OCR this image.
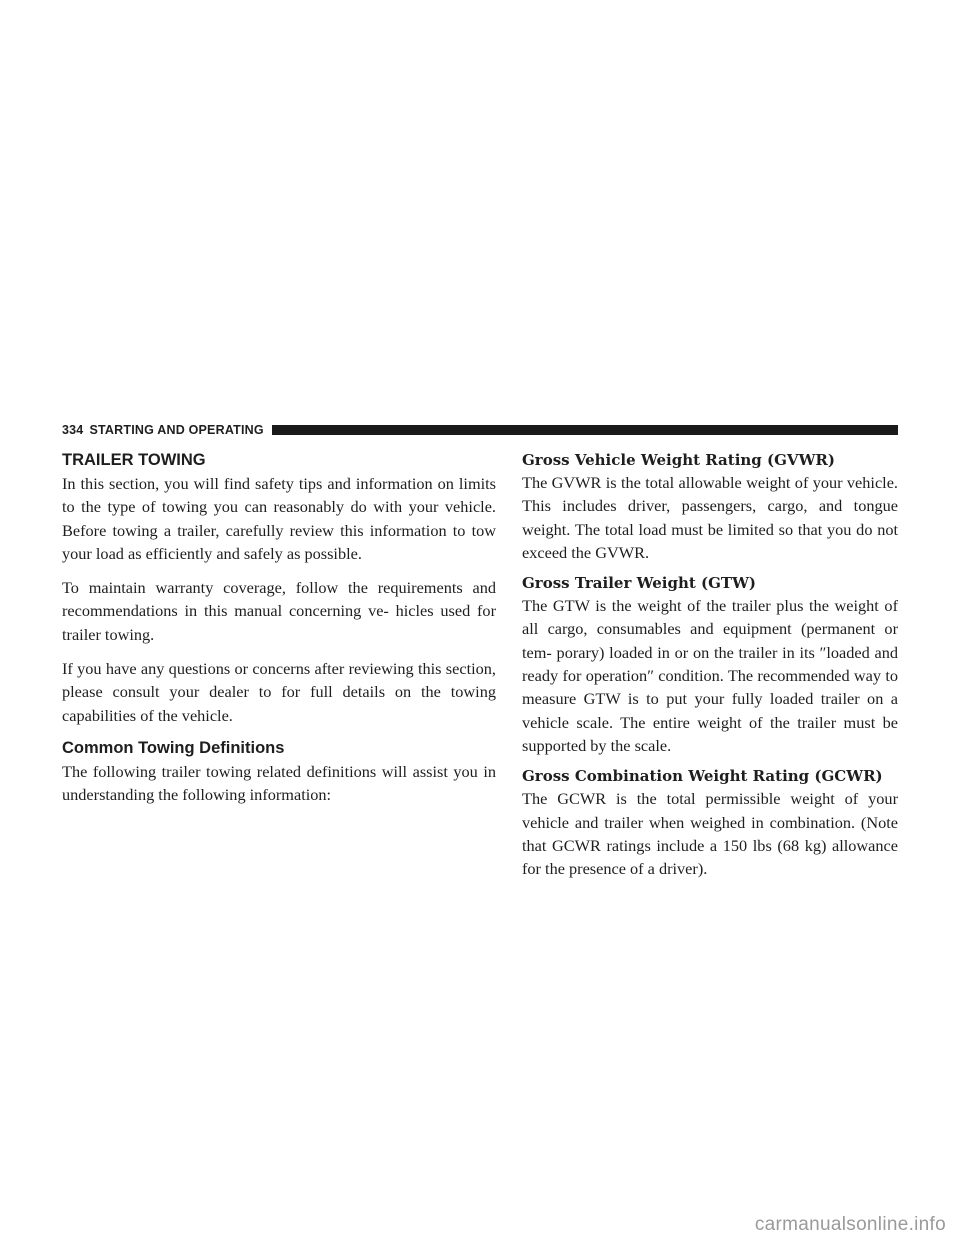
334 STARTING AND OPERATING
TRAILER TOWING

In this section, you will find safety tips and information on limits to the type of towing you can reasonably do with your vehicle. Before towing a trailer, carefully review this information to tow your load as efficiently and safely as possible.

To maintain warranty coverage, follow the requirements and recommendations in this manual concerning ve- hicles used for trailer towing.

If you have any questions or concerns after reviewing this section, please consult your dealer to for full details on the towing capabilities of the vehicle.

Common Towing Definitions

The following trailer towing related definitions will assist you in understanding the following information:

Gross Vehicle Weight Rating (GVWR)

The GVWR is the total allowable weight of your vehicle. This includes driver, passengers, cargo, and tongue weight. The total load must be limited so that you do not exceed the GVWR.

Gross Trailer Weight (GTW)

The GTW is the weight of the trailer plus the weight of all cargo, consumables and equipment (permanent or tem- porary) loaded in or on the trailer in its ″loaded and ready for operation″ condition. The recommended way to measure GTW is to put your fully loaded trailer on a vehicle scale. The entire weight of the trailer must be supported by the scale.

Gross Combination Weight Rating (GCWR)

The GCWR is the total permissible weight of your vehicle and trailer when weighed in combination. (Note that GCWR ratings include a 150 lbs (68 kg) allowance for the presence of a driver).

carmanualsonline.info
